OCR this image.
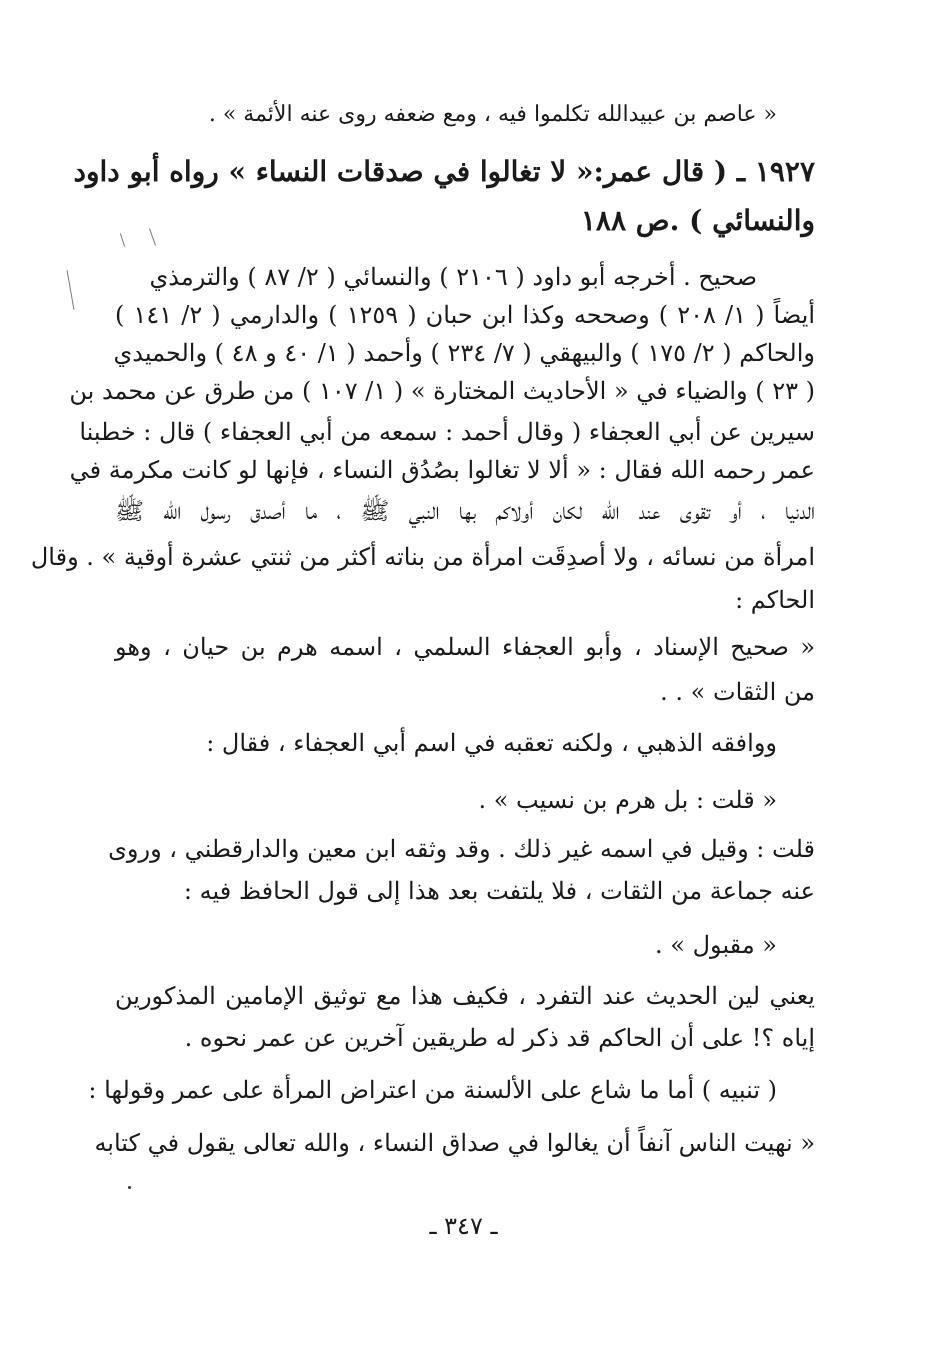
« عاصم بن عبيدالله تكلموا فيه ، ومع ضعفه روى عنه الأئمة » .
١٩٢٧ ـ ( قال عمر:« لا تغالوا في صدقات النساء » رواه أبو داود
والنسائي ) .ص ١٨٨
صحيح . أخرجه أبو داود ( ٢١٠٦ ) والنسائي ( ٢/ ٨٧ ) والترمذي
أيضاً ( ١/ ٢٠٨ ) وصححه وكذا ابن حبان ( ١٢٥٩ ) والدارمي ( ٢/ ١٤١ )
والحاكم ( ٢/ ١٧٥ ) والبيهقي ( ٧/ ٢٣٤ ) وأحمد ( ١/ ٤٠ و ٤٨ ) والحميدي
( ٢٣ ) والضياء في « الأحاديث المختارة » ( ١/ ١٠٧ ) من طرق عن محمد بن
سيرين عن أبي العجفاء ( وقال أحمد : سمعه من أبي العجفاء ) قال : خطبنا
عمر رحمه الله فقال : « ألا لا تغالوا بصُدُق النساء ، فإنها لو كانت مكرمة في
الدنيا ، أو تقوى عند الله لكان أولاكم بها النبي ﷺ ، ما أصدق رسول الله ﷺ
امرأة من نسائه ، ولا أصدِقَت امرأة من بناته أكثر من ثنتي عشرة أوقية » . وقال
الحاكم :
« صحيح الإسناد ، وأبو العجفاء السلمي ، اسمه هرم بن حيان ، وهو
من الثقات » . .
ووافقه الذهبي ، ولكنه تعقبه في اسم أبي العجفاء ، فقال :
« قلت : بل هرم بن نسيب » .
قلت : وقيل في اسمه غير ذلك . وقد وثقه ابن معين والدارقطني ، وروى
عنه جماعة من الثقات ، فلا يلتفت بعد هذا إلى قول الحافظ فيه :
« مقبول » .
يعني لين الحديث عند التفرد ، فكيف هذا مع توثيق الإمامين المذكورين
إياه ؟! على أن الحاكم قد ذكر له طريقين آخرين عن عمر نحوه .
( تنبيه ) أما ما شاع على الألسنة من اعتراض المرأة على عمر وقولها :
« نهيت الناس آنفاً أن يغالوا في صداق النساء ، والله تعالى يقول في كتابه
ـ ٣٤٧ ـ
